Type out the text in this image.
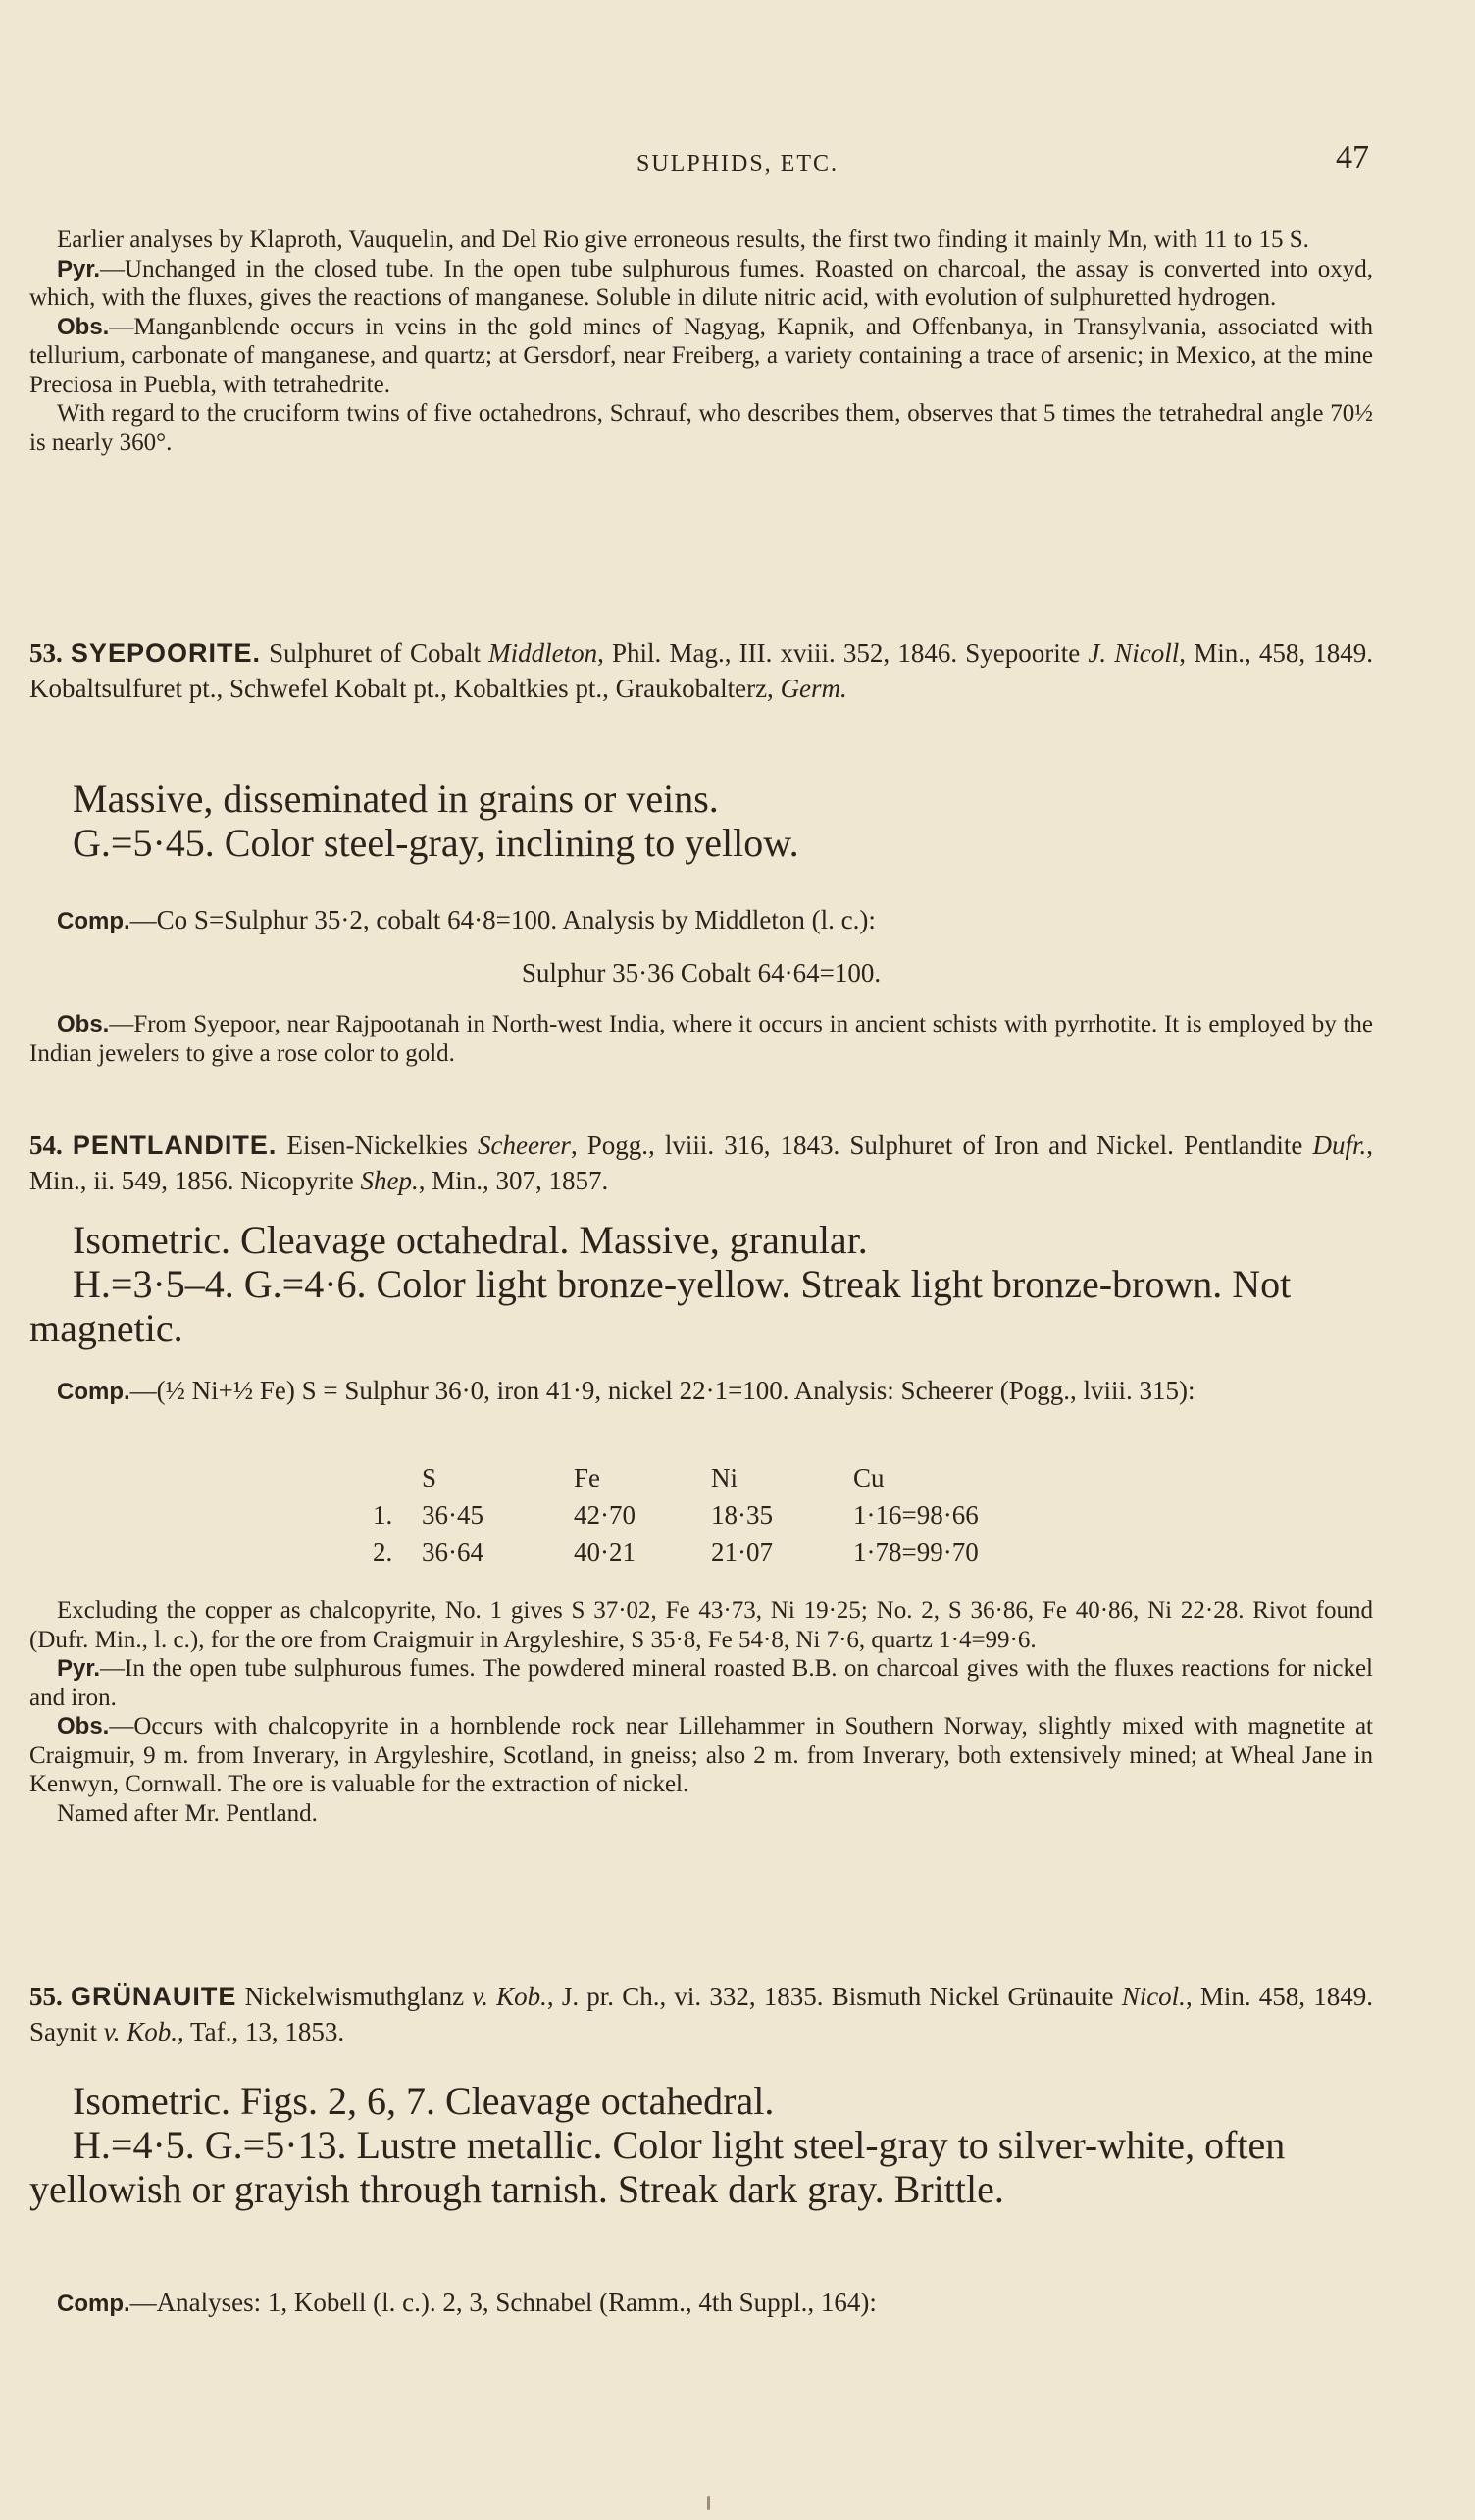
SULPHIDS, ETC.	47

Earlier analyses by Klaproth, Vauquelin, and Del Rio give erroneous results, the first two finding it mainly Mn, with 11 to 15 S.

Pyr.—Unchanged in the closed tube. In the open tube sulphurous fumes. Roasted on charcoal, the assay is converted into oxyd, which, with the fluxes, gives the reactions of manganese. Soluble in dilute nitric acid, with evolution of sulphuretted hydrogen.

Obs.—Manganblende occurs in veins in the gold mines of Nagyag, Kapnik, and Offenbanya, in Transylvania, associated with tellurium, carbonate of manganese, and quartz; at Gersdorf, near Freiberg, a variety containing a trace of arsenic; in Mexico, at the mine Preciosa in Puebla, with tetrahedrite.

With regard to the cruciform twins of five octahedrons, Schrauf, who describes them, observes that 5 times the tetrahedral angle 70½ is nearly 360°.

53. SYEPOORITE. Sulphuret of Cobalt Middleton, Phil. Mag., III. xviii. 352, 1846. Syepoorite J. Nicoll, Min., 458, 1849. Kobaltsulfuret pt., Schwefel Kobalt pt., Kobaltkies pt., Graukobalterz, Germ.

Massive, disseminated in grains or veins.
G.=5·45. Color steel-gray, inclining to yellow.
Comp.—Co S=Sulphur 35·2, cobalt 64·8=100. Analysis by Middleton (l. c.):
Sulphur 35·36 Cobalt 64·64=100.

Obs.—From Syepoor, near Rajpootanah in North-west India, where it occurs in ancient schists with pyrrhotite. It is employed by the Indian jewelers to give a rose color to gold.

54. PENTLANDITE. Eisen-Nickelkies Scheerer, Pogg., lviii. 316, 1843. Sulphuret of Iron and Nickel. Pentlandite Dufr., Min., ii. 549, 1856. Nicopyrite Shep., Min., 307, 1857.

Isometric. Cleavage octahedral. Massive, granular.
H.=3·5–4. G.=4·6. Color light bronze-yellow. Streak light bronze-brown. Not magnetic.
Comp.—(½ Ni+½ Fe) S = Sulphur 36·0, iron 41·9, nickel 22·1=100. Analysis: Scheerer (Pogg., lviii. 315):
	S	Fe	Ni	Cu
1.	36·45	42·70	18·35	1·16=98·66
2.	36·64	40·21	21·07	1·78=99·70

Excluding the copper as chalcopyrite, No. 1 gives S 37·02, Fe 43·73, Ni 19·25; No. 2, S 36·86, Fe 40·86, Ni 22·28. Rivot found (Dufr. Min., l. c.), for the ore from Craigmuir in Argyleshire, S 35·8, Fe 54·8, Ni 7·6, quartz 1·4=99·6.

Pyr.—In the open tube sulphurous fumes. The powdered mineral roasted B.B. on charcoal gives with the fluxes reactions for nickel and iron.

Obs.—Occurs with chalcopyrite in a hornblende rock near Lillehammer in Southern Norway, slightly mixed with magnetite at Craigmuir, 9 m. from Inverary, in Argyleshire, Scotland, in gneiss; also 2 m. from Inverary, both extensively mined; at Wheal Jane in Kenwyn, Cornwall. The ore is valuable for the extraction of nickel.

Named after Mr. Pentland.

55. GRÜNAUITE Nickelwismuthglanz v. Kob., J. pr. Ch., vi. 332, 1835. Bismuth Nickel Grünauite Nicol., Min. 458, 1849. Saynit v. Kob., Taf., 13, 1853.

Isometric. Figs. 2, 6, 7. Cleavage octahedral.
H.=4·5. G.=5·13. Lustre metallic. Color light steel-gray to silver-white, often yellowish or grayish through tarnish. Streak dark gray. Brittle.
Comp.—Analyses: 1, Kobell (l. c.). 2, 3, Schnabel (Ramm., 4th Suppl., 164):
